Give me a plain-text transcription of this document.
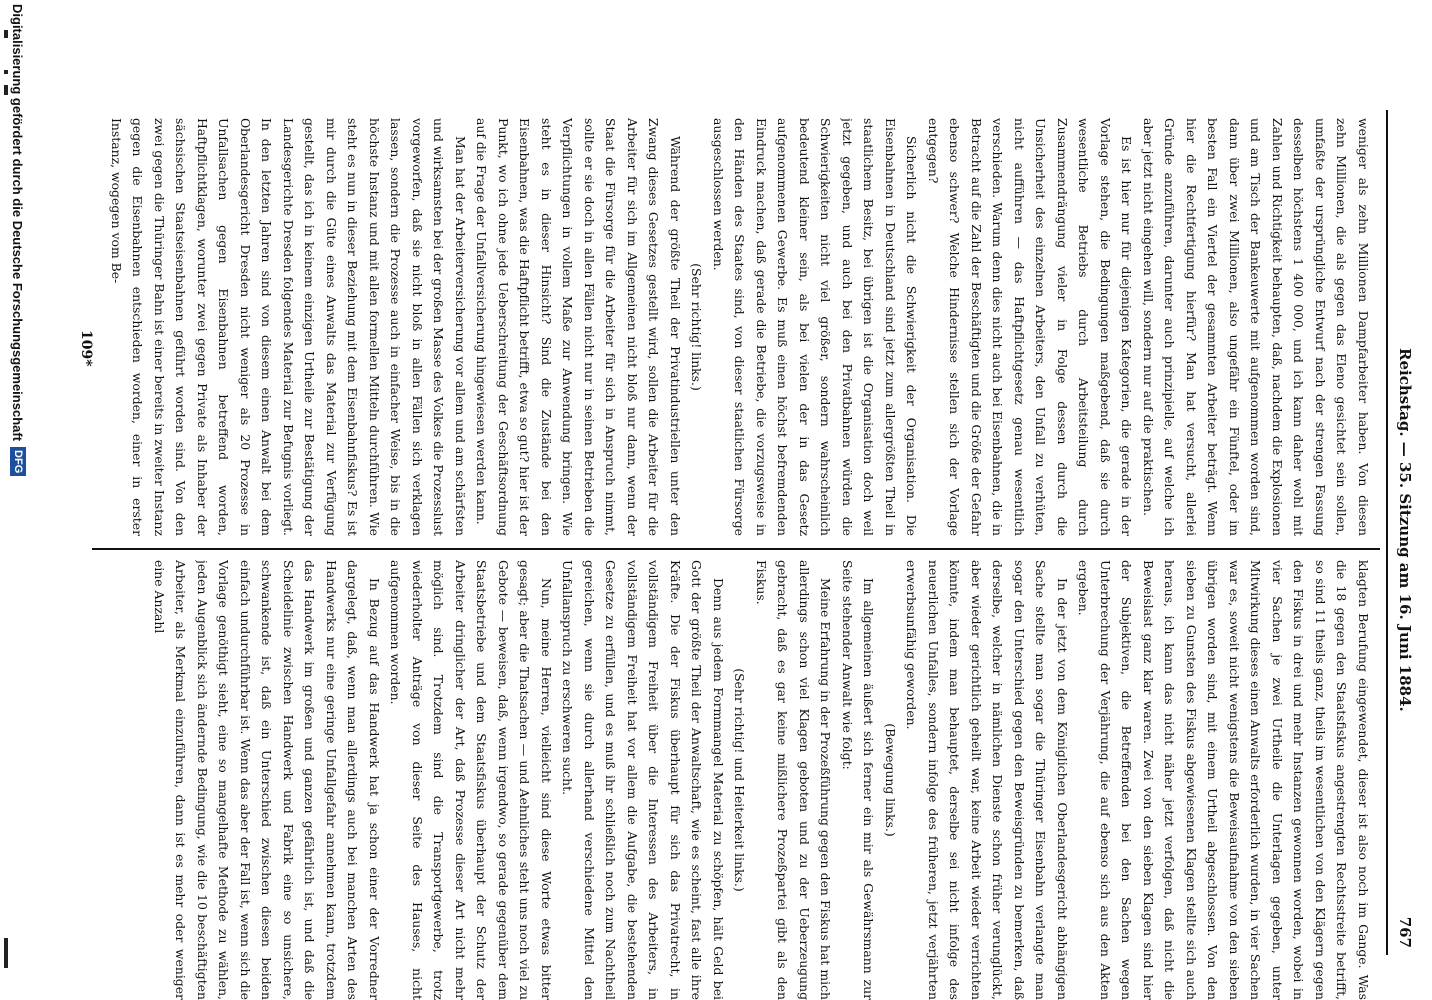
Reichstag. — 35. Sitzung am 16. Juni 1884.
767

weniger als zehn Millionen Dampfarbeiter haben. Von diesen zehn Millionen, die als gegen das Eleno gesichtet sein sollen, umfaßte der ursprüngliche Entwurf nach der strengen Fassung desselben höchstens 1 400 000, und ich kann daher wohl mit Zahlen und Richtigkeit behaupten, daß, nachdem die Explosionen und am Tisch der Bankeuwerte mit aufgenommen worden sind, dann über zwei Millionen, also ungefähr ein Fünftel, oder im besten Fall ein Viertel der gesammten Arbeiter beträgt. Wenn hier die Rechtfertigung hierfür? Man hat versucht, allerlei Gründe anzuführen, darunter auch prinzipielle, auf welche ich aber jetzt nicht eingehen will, sondern nur auf die praktischen.

Es ist hier nur für diejenigen Kategorien, die gerade in der Vorlage stehen, die Bedingungen maßgebend, daß sie durch wesentliche Betriebs durch Arbeitsteilung durch Zusammendrängung vieler in Folge dessen durch die Unsicherheit des einzelnen Arbeiters, den Unfall zu verhüten, nicht aufführen — das Haftpflichtgesetz genau wesentlich verschieden. Warum denn dies nicht auch bei Eisenbahnen, die in Betracht auf die Zahl der Beschäftigten und die Größe der Gefahr ebenso schwer? Welche Hindernisse stellen sich der Vorlage entgegen?

Sicherlich nicht die Schwierigkeit der Organisation. Die Eisenbahnen in Deutschland sind jetzt zum allergrößten Theil in staatlichem Besitz, bei übrigen ist die Organisation doch weil jetzt gegeben, und auch bei den Privatbahnen würden die Schwierigkeiten nicht viel größer, sondern wahrscheinlich bedeutend kleiner sein, als bei vielen der in das Gesetz aufgenommenen Gewerbe. Es muß einen höchst befremdenden Eindruck machen, daß gerade die Betriebe, die vorzugsweise in den Händen des Staates sind, von dieser staatlichen Fürsorge ausgeschlossen werden.

(Sehr richtig! links.)

Während der größte Theil der Privatindustriellen unter den Zwang dieses Gesetzes gestellt wird, sollen die Arbeiter für die Arbeiter für sich im Allgemeinen nicht bloß nur dann, wenn der Staat die Fürsorge für die Arbeiter für sich in Anspruch nimmt, sollte er sie doch in allen Fällen nicht nur in seinen Betrieben die Verpflichtungen in vollem Maße zur Anwendung bringen. Wie steht es in dieser Hinsicht? Sind die Zustände bei den Eisenbahnen, was die Haftpflicht betrifft, etwa so gut? hier ist der Punkt, wo ich ohne jede Ueberschreitung der Geschäftsordnung auf die Frage der Unfallversicherung hingewiesen werden kann.

Man hat der Arbeiterversicherung vor allem und am schärfsten und wirksamsten bei der großen Masse des Volkes die Prozesslust vorgeworfen, daß sie nicht bloß in allen Fällen sich verklagen lassen, sondern die Prozesse auch in einfacher Weise, bis in die höchste Instanz und mit allen formellen Mitteln durchführen. Wie steht es nun in dieser Beziehung mit dem Eisenbahnfiskus? Es ist mir durch die Güte eines Anwalts das Material zur Verfügung gestellt, das ich in keinem einzigen Urtheile zur Bestätigung der Landesgerichte Dresden folgendes Material zur Befugnis vorliegt. In den letzten Jahren sind von diesem einen Anwalt bei dem Oberlandesgericht Dresden nicht weniger als 20 Prozesse in Unfallsachen gegen Eisenbahnen betreffend worden, Haftpflichtklagen, worunter zwei gegen Private als Inhaber der sächsischen Staatseisenbahnen geführt worden sind. Von den zwei gegen die Thüringer Bahn ist einer bereits in zweiter Instanz gegen die Eisenbahnen entschieden worden, einer in erster Instanz, wogegen vom Be-

klagten Berufung eingewendet, dieser ist also noch im Gange. Was die 18 gegen den Staatsfiskus angestrengten Rechtsstreite betrifft, so sind 11 theils ganz, theils im wesentlichen von den Klägern gegen den Fiskus in drei und mehr Instanzen gewonnen worden, wobei in vier Sachen je zwei Urtheile die Unterlagen gegeben, unter Mitwirkung dieses einen Anwalts erforderlich wurden, in vier Sachen war es, soweit nicht wenigstens die Beweisaufnahme von den sieben übrigen worden sind, mit einem Urtheil abgeschlossen. Von den sieben zu Gunsten des Fiskus abgewiesenen Klagen stellte sich auch heraus, ich kann das nicht näher jetzt verfolgen, daß nicht die Beweislast ganz klar waren. Zwei von den sieben Klagen sind hier der Subjektiven, die Betreffenden bei den Sachen wegen Unterbrechung der Verjährung, die auf ebenso sich aus den Akten ergeben.

In der jetzt von dem Königlichen Oberlandesgericht abhängigen Sache stellte man sogar die Thüringer Eisenbahn verlangte man sogar den Unterschied gegen den Beweisgründen zu bemerken, daß derselbe, welcher in nämlichen Dienste schon früher verunglückt, aber wieder gerichtlich geheilt war, keine Arbeit wieder verrichten könnte, indem man behauptet, derselbe sei nicht infolge des neuerlichen Unfalles, sondern infolge des früheren, jetzt verjährten erwerbsunfähig geworden.

(Bewegung links.)

Im allgemeinen äußert sich ferner ein mir als Gewährsmann zur Seite stehender Anwalt wie folgt:

Meine Erfahrung in der Prozeßführung gegen den Fiskus hat mich allerdings schon viel Klagen geboten und zu der Ueberzeugung gebracht, daß es gar keine mißlichere Prozeßpartei gibt als den Fiskus.

(Sehr richtig! und Heiterkeit links.)

Denn aus jedem Formmangel Material zu schöpfen, hält Geld bei Gott der größte Theil der Anwaltschaft, wie es scheint, fast alle ihre Kräfte. Die der Fiskus überhaupt für sich das Privatrecht, in vollständigem Freiheit über die Interessen des Arbeiters, in vollständigem Freiheit hat vor allem die Aufgabe, die bestehenden Gesetze zu erfüllen, und es muß ihr schließlich noch zum Nachtheil gereichen, wenn sie durch allerhand verschiedene Mittel den Unfallanspruch zu erschweren sucht.

Nun, meine Herren, vielleicht sind diese Worte etwas bitter gesagt; aber die Thatsachen — und Aehnliches steht uns noch viel zu Gebote — beweisen, daß, wenn irgendwo, so gerade gegenüber dem Staatsbetriebe und dem Staatsfiskus überhaupt der Schutz der Arbeiter dringlicher der Art, daß Prozesse dieser Art nicht mehr möglich sind. Trotzdem sind die Transportgewerbe, trotz wiederholter Anträge von dieser Seite des Hauses, nicht aufgenommen worden.

In Bezug auf das Handwerk hat ja schon einer der Vorredner dargelegt, daß, wenn man allerdings auch bei manchen Arten des Handwerks nur eine geringe Unfallgefahr annehmen kann, trotzdem das Handwerk im großen und ganzen gefährlich ist, und daß die Scheidelinie zwischen Handwerk und Fabrik eine so unsichere, schwankende ist, daß ein Unterschied zwischen diesen beiden einfach undurchführbar ist. Wenn das aber der Fall ist, wenn sich die Vorlage genöthigt sieht, eine so mangelhafte Methode zu wählen, jeden Augenblick sich ändernde Bedingung, wie die 10 beschäftigten Arbeiter, als Merkmal einzuführen, dann ist es mehr oder weniger eine Anzahl

109*
Digitalisierung gefördert durch die Deutsche Forschungsgemeinschaft
DFG
